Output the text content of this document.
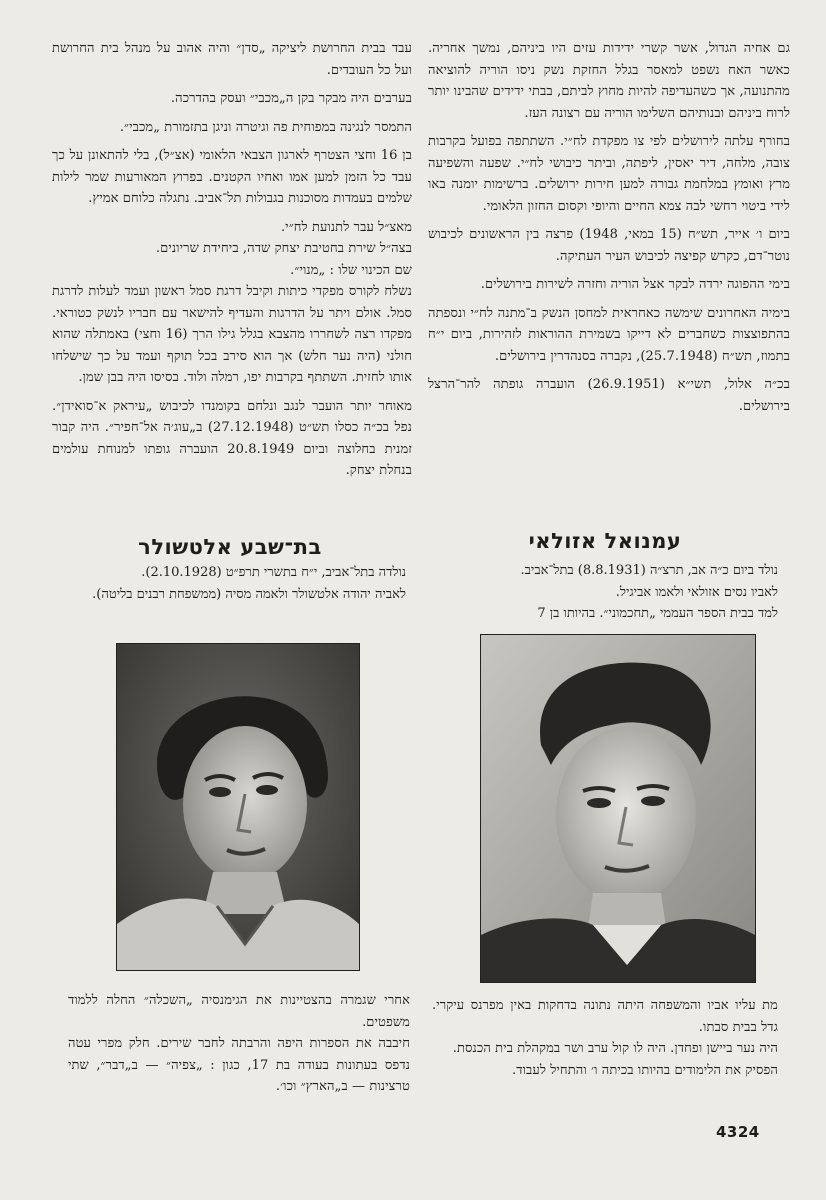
גם אחיה הגדול, אשר קשרי ידידות עזים היו ביניהם, נמשך אחריה. כאשר האח נשפט למאסר בגלל החזקת נשק ניסו הוריה להוציאה מהתנועה, אך כשהעדיפה להיות מחוץ לביתם, בבתי ידידים שהבינו יותר לרוח ביניהם ובנותיהם השלימו הוריה עם רצונה העז.

בחורף עלתה לירושלים לפי צו מפקדת לח״י. השתתפה בפועל בקרבות צובה, מלחה, דיר יאסין, ליפתה, וביתר כיבושי לח״י. שפעה והשפיעה מרץ ואומץ במלחמת גבורה למען חירות ירושלים. ברשימות יומנה באו לידי ביטוי רחשי לבה צמא החיים והיופי וקסום החזון הלאומי.

ביום ו׳ אייר, תש״ח (15 במאי, 1948) פרצה בין הראשונים לכיבוש נוטר־דם, כקרש קפיצה לכיבוש העיר העתיקה.

בימי ההפוגה ירדה לבקר אצל הוריה וחזרה לשירות בירושלים.

בימיה האחרונים שימשה כאחראית למחסן הנשק ב־מתנה לח״י ונספתה בהתפוצצות כשחברים לא דייקו בשמירת ההוראות לזהירות, ביום י״ח בתמוז, תש״ח (25.7.1948), נקברה בסנהדרין בירושלים.

בכ״ה אלול, תשי״א (26.9.1951) הועברה גופתה להר־הרצל בירושלים.

עבד בבית החרושת ליציקה „סדן״ והיה אהוב על מנהל בית החרושת ועל כל העובדים.

בערבים היה מבקר בקן ה„מכבי״ ועסק בהדרכה.

התמסר לנגינה במפוחית פה וגיטרה וניגן בתזמורת „מכבי״.

בן 16 וחצי הצטרף לארגון הצבאי הלאומי (אצ״ל), בלי להתאונן על כך עבד כל הזמן למען אמו ואחיו הקטנים. בפרוץ המאורעות שמר לילות שלמים בעמדות מסוכנות בגבולות תל־אביב. נתגלה כלוחם אמיץ.

מאצ״ל עבר לתנועת לח״י.

בצה״ל שירת בחטיבת יצחק שדה, ביחידת שריונים.

שם הכינוי שלו : „מנוי״.

נשלח לקורס מפקדי כיתות וקיבל דרגת סמל ראשון ועמד לעלות לדרגת סמל. אולם ויתר על הדרגות והעדיף להישאר עם חבריו לנשק כטוראי. מפקדו רצה לשחררו מהצבא בגלל גילו הרך (16 וחצי) באמתלה שהוא חולני (היה נער חלש) אך הוא סירב בכל תוקף ועמד על כך שישלחו אותו לחזית. השתתף בקרבות יפו, רמלה ולוד. בסיסו היה בבן שמן.

מאוחר יותר הועבר לנגב ונלחם בקומנדו לכיבוש „עיראק א־סואידן״. נפל בכ״ה כסלו תש״ט (27.12.1948) ב„עוג׳ה אל־חפיר״. היה קבור זמנית בחלוצה וביום 20.8.1949 הועברה גופתו למנוחת עולמים בנחלת יצחק.

עמנואל אזולאי
בת־שבע אלטשולר

נולד ביום כ״ה אב, תרצ״ה (8.8.1931) בתל־אביב.

לאביו נסים אזולאי ולאמו אביגיל.

למד בבית הספר העממי „תחכמוני״. בהיותו בן 7

נולדה בתל־אביב, י״ח בתשרי תרפ״ט (2.10.1928).

לאביה יהודה אלטשולר ולאמה מסיה (ממשפחת רבנים בליטה).

מת עליו אביו והמשפחה היתה נתונה בדחקות באין מפרנס עיקרי. גדל בבית סבתו.

היה נער ביישן ופחדן. היה לו קול ערב ושר במקהלת בית הכנסת.

הפסיק את הלימודים בהיותו בכיתה ו׳ והתחיל לעבוד.

אחרי שגמרה בהצטיינות את הגימנסיה „השכלה״ החלה ללמוד משפטים.

חיבבה את הספרות היפה והרבתה לחבר שירים. חלק מפרי עטה נדפס בעתונות בעודה בת 17, כגון : „צפיה״ — ב„דבר״, שתי טרצינות — ב„הארץ״ וכו׳.

4324
